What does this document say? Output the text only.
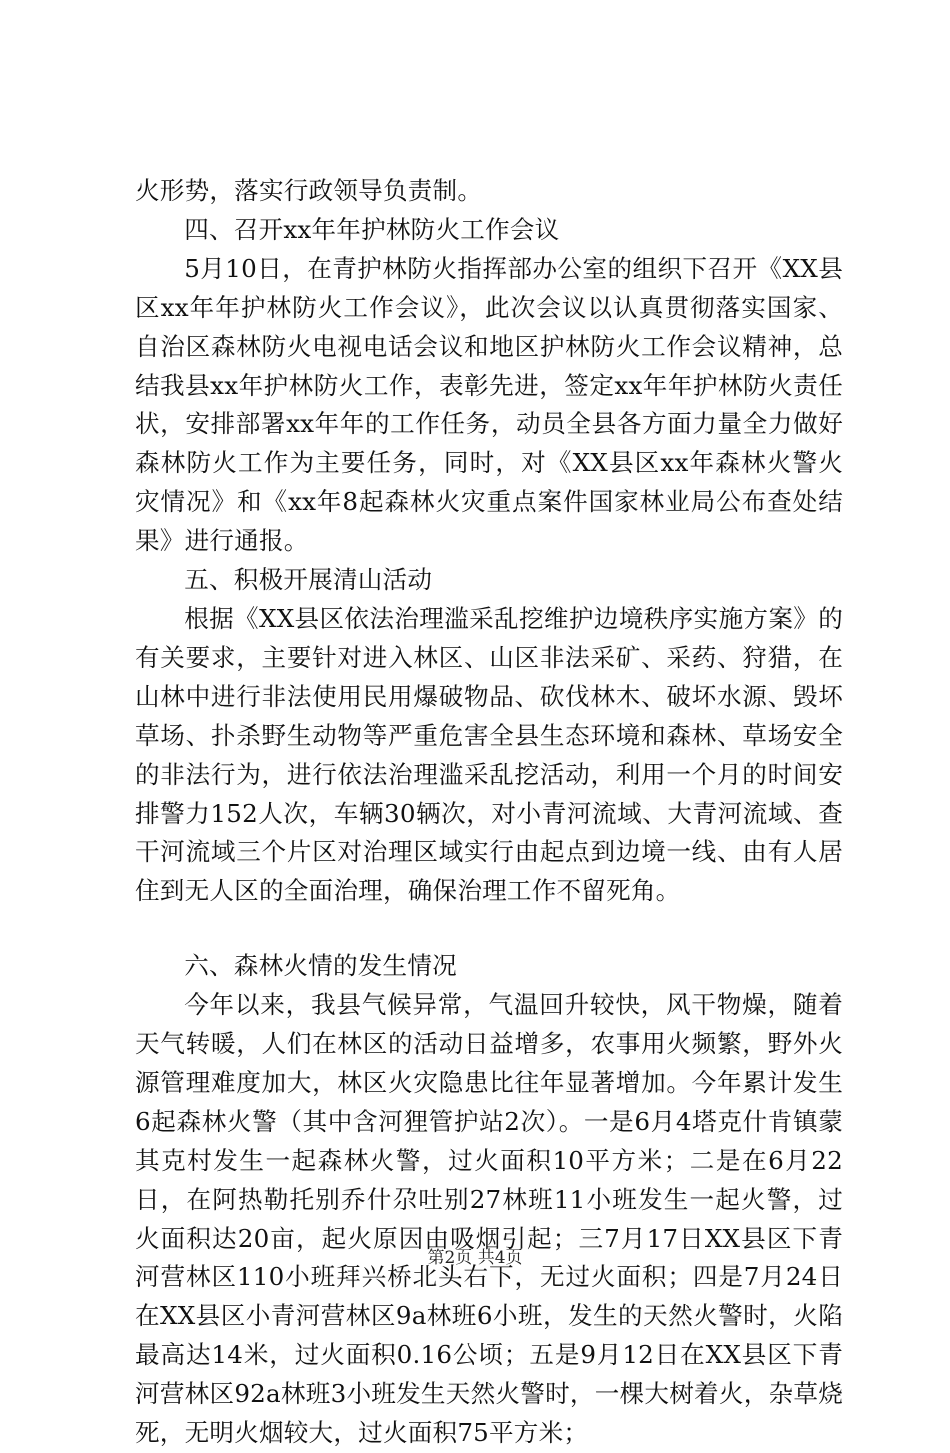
火形势，落实行政领导负责制。

四、召开xx年年护林防火工作会议

5月10日，在青护林防火指挥部办公室的组织下召开《XX县区xx年年护林防火工作会议》，此次会议以认真贯彻落实国家、自治区森林防火电视电话会议和地区护林防火工作会议精神，总结我县xx年护林防火工作，表彰先进，签定xx年年护林防火责任状，安排部署xx年年的工作任务，动员全县各方面力量全力做好森林防火工作为主要任务，同时，对《XX县区xx年森林火警火灾情况》和《xx年8起森林火灾重点案件国家林业局公布查处结果》进行通报。

五、积极开展清山活动

根据《XX县区依法治理滥采乱挖维护边境秩序实施方案》的有关要求，主要针对进入林区、山区非法采矿、采药、狩猎，在山林中进行非法使用民用爆破物品、砍伐林木、破坏水源、毁坏草场、扑杀野生动物等严重危害全县生态环境和森林、草场安全的非法行为，进行依法治理滥采乱挖活动，利用一个月的时间安排警力152人次，车辆30辆次，对小青河流域、大青河流域、查干河流域三个片区对治理区域实行由起点到边境一线、由有人居住到无人区的全面治理，确保治理工作不留死角。

六、森林火情的发生情况

今年以来，我县气候异常，气温回升较快，风干物燥，随着天气转暖，人们在林区的活动日益增多，农事用火频繁，野外火源管理难度加大，林区火灾隐患比往年显著增加。今年累计发生6起森林火警（其中含河狸管护站2次）。一是6月4塔克什肯镇蒙其克村发生一起森林火警，过火面积10平方米；二是在6月22日，在阿热勒托别乔什尕吐别27林班11小班发生一起火警，过火面积达20亩，起火原因由吸烟引起；三7月17日XX县区下青河营林区110小班拜兴桥北头右下，无过火面积；四是7月24日在XX县区小青河营林区9a林班6小班，发生的天然火警时，火陷最高达14米，过火面积0.16公顷；五是9月12日在XX县区下青河营林区92a林班3小班发生天然火警时，一棵大树着火，杂草烧死，无明火烟较大，过火面积75平方米；

第2页 共4页
